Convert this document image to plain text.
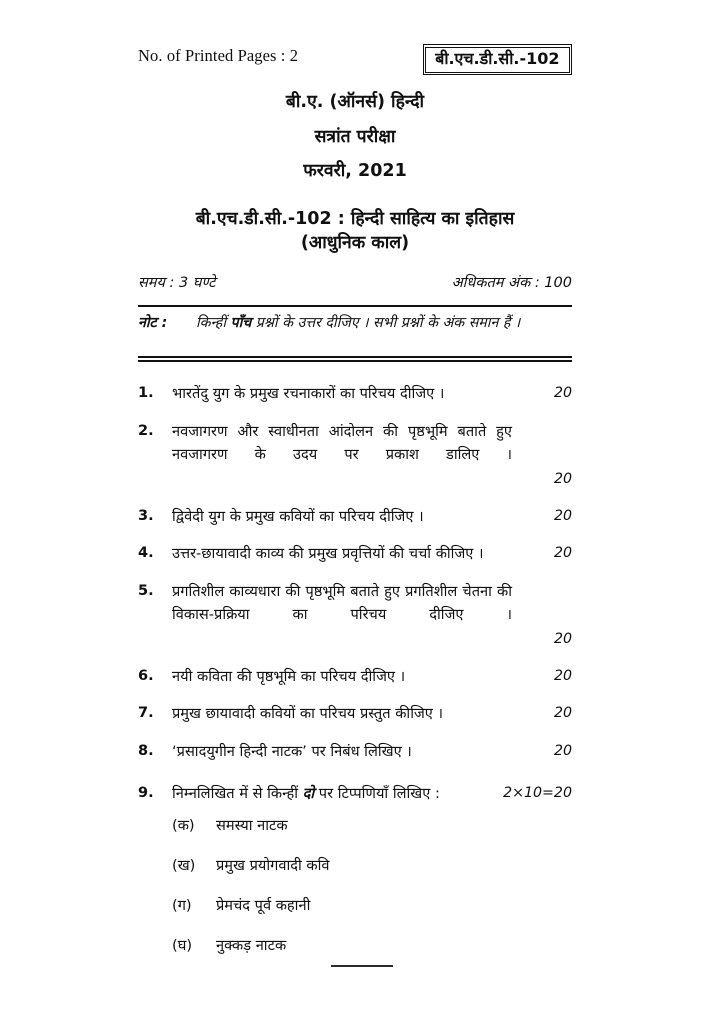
No. of Printed Pages : 2	बी.एच.डी.सी.-102
बी.ए. (ऑनर्स) हिन्दी
सत्रांत परीक्षा
फरवरी, 2021
बी.एच.डी.सी.-102 : हिन्दी साहित्य का इतिहास
(आधुनिक काल)
समय : 3 घण्टे	अधिकतम अंक : 100
नोट :	किन्हीं पाँच प्रश्नों के उत्तर दीजिए । सभी प्रश्नों के अंक समान हैं ।
1.	भारतेंदु युग के प्रमुख रचनाकारों का परिचय दीजिए ।	20
2.	नवजागरण और स्वाधीनता आंदोलन की पृष्ठभूमि बताते हुए नवजागरण के उदय पर प्रकाश डालिए ।
20
3.	द्विवेदी युग के प्रमुख कवियों का परिचय दीजिए ।	20
4.	उत्तर-छायावादी काव्य की प्रमुख प्रवृत्तियों की चर्चा कीजिए ।	20
5.	प्रगतिशील काव्यधारा की पृष्ठभूमि बताते हुए प्रगतिशील चेतना की विकास-प्रक्रिया का परिचय दीजिए ।
20
6.	नयी कविता की पृष्ठभूमि का परिचय दीजिए ।	20
7.	प्रमुख छायावादी कवियों का परिचय प्रस्तुत कीजिए ।	20
8.	‘प्रसादयुगीन हिन्दी नाटक’ पर निबंध लिखिए ।	20
9.	निम्नलिखित में से किन्हीं दो पर टिप्पणियाँ लिखिए :	2×10=20
(क)	समस्या नाटक
(ख)	प्रमुख प्रयोगवादी कवि
(ग)	प्रेमचंद पूर्व कहानी
(घ)	नुक्कड़ नाटक
